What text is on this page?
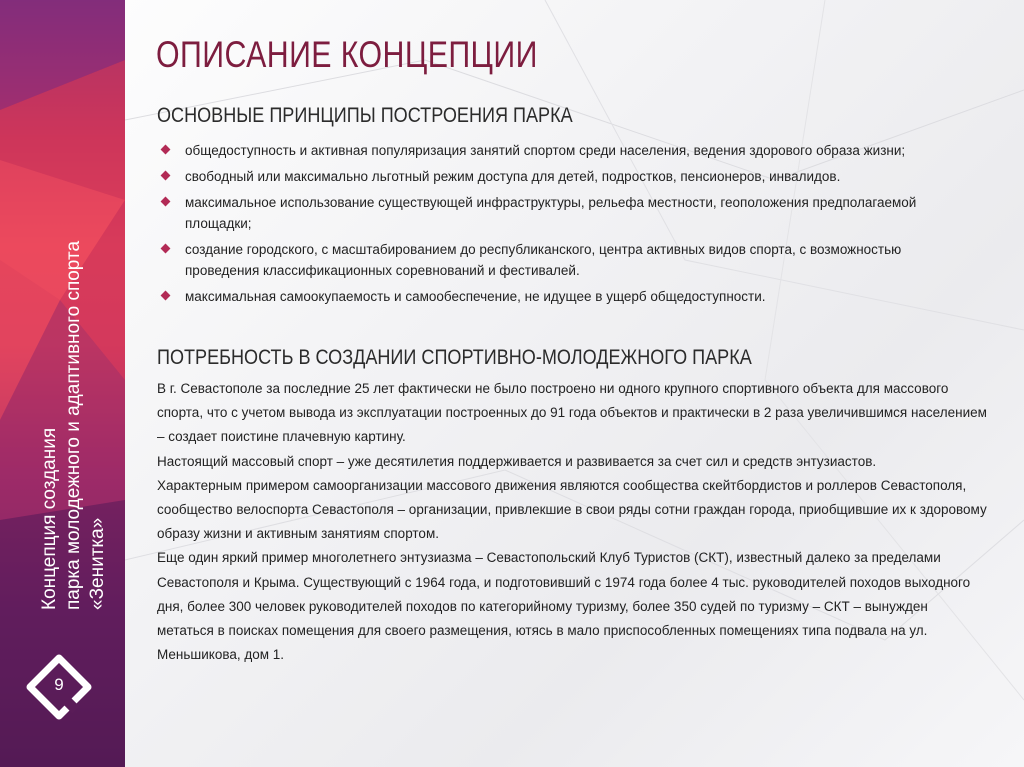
Концепция создания парка молодежного и адаптивного спорта «Зенитка»
9
ОПИСАНИЕ КОНЦЕПЦИИ
ОСНОВНЫЕ ПРИНЦИПЫ ПОСТРОЕНИЯ ПАРКА
общедоступность и активная популяризация занятий спортом среди населения, ведения здорового образа жизни;
свободный или максимально льготный режим доступа для детей, подростков, пенсионеров, инвалидов.
максимальное использование существующей инфраструктуры, рельефа местности, геоположения предполагаемой площадки;
создание городского, с масштабированием до республиканского, центра активных видов спорта, с возможностью проведения классификационных соревнований и фестивалей.
максимальная самоокупаемость и самообеспечение, не идущее в ущерб общедоступности.
ПОТРЕБНОСТЬ В СОЗДАНИИ СПОРТИВНО-МОЛОДЕЖНОГО ПАРКА

В г. Севастополе за последние 25 лет фактически не было построено ни одного крупного спортивного объекта для массового спорта, что с учетом вывода из эксплуатации построенных до 91 года объектов и практически в 2 раза увеличившимся населением – создает поистине плачевную картину.

Настоящий массовый спорт – уже десятилетия поддерживается и развивается за счет сил и средств энтузиастов.

Характерным примером самоорганизации массового движения являются сообщества скейтбордистов и роллеров Севастополя, сообщество велоспорта Севастополя – организации, привлекшие в свои ряды сотни граждан города, приобщившие их к здоровому образу жизни и активным занятиям спортом.

Еще один яркий пример многолетнего энтузиазма – Севастопольский Клуб Туристов (СКТ), известный далеко за пределами Севастополя и Крыма. Существующий с 1964 года, и подготовивший с 1974 года более 4 тыс. руководителей походов выходного дня, более 300 человек руководителей походов по категорийному туризму, более 350 судей по туризму – СКТ – вынужден метаться в поисках помещения для своего размещения, ютясь в мало приспособленных помещениях типа подвала на ул. Меньшикова, дом 1.
